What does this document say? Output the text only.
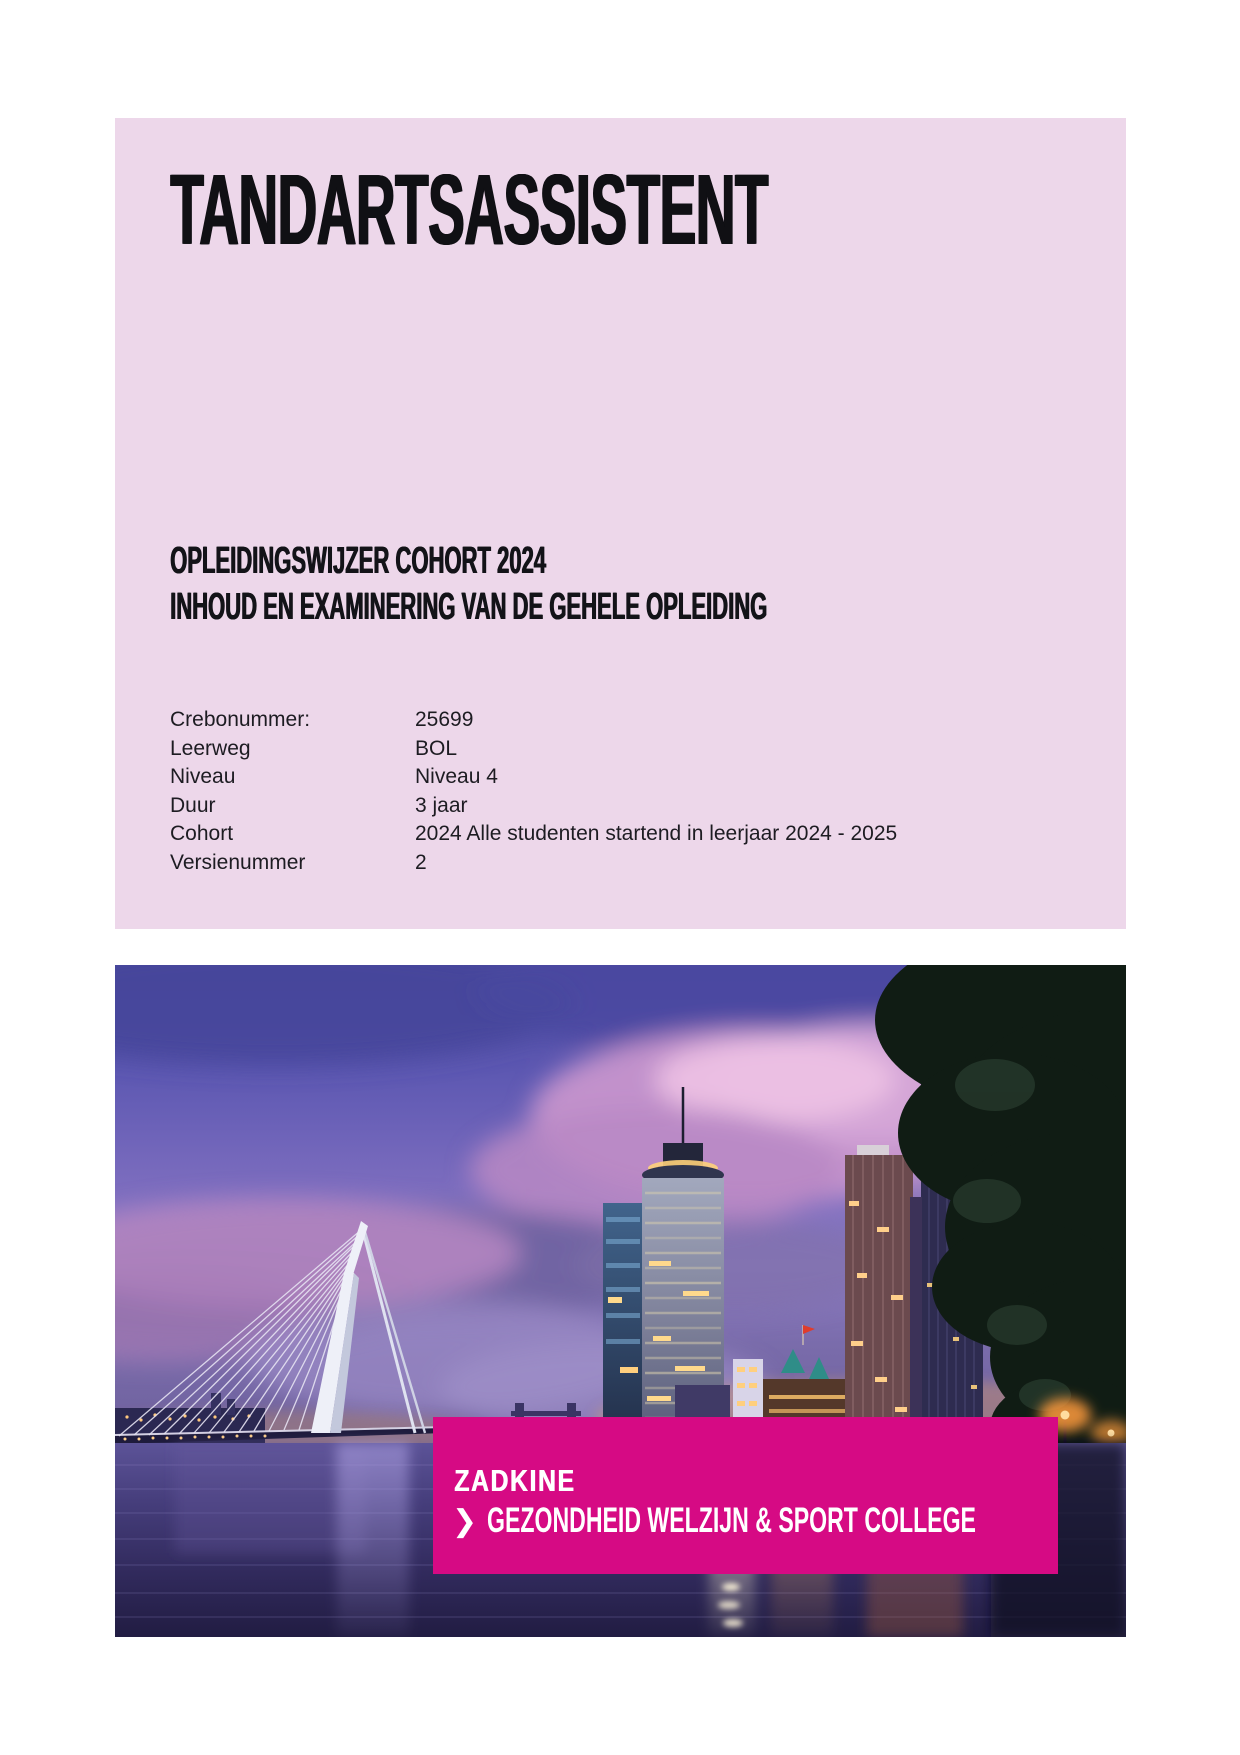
TANDARTSASSISTENT
OPLEIDINGSWIJZER COHORT 2024
INHOUD EN EXAMINERING VAN DE GEHELE OPLEIDING
Crebonummer:	25699
Leerweg	BOL
Niveau	Niveau 4
Duur	3 jaar
Cohort	2024 Alle studenten startend in leerjaar 2024 - 2025
Versienummer	2
ZADKINE
❯ GEZONDHEID WELZIJN & SPORT COLLEGE
